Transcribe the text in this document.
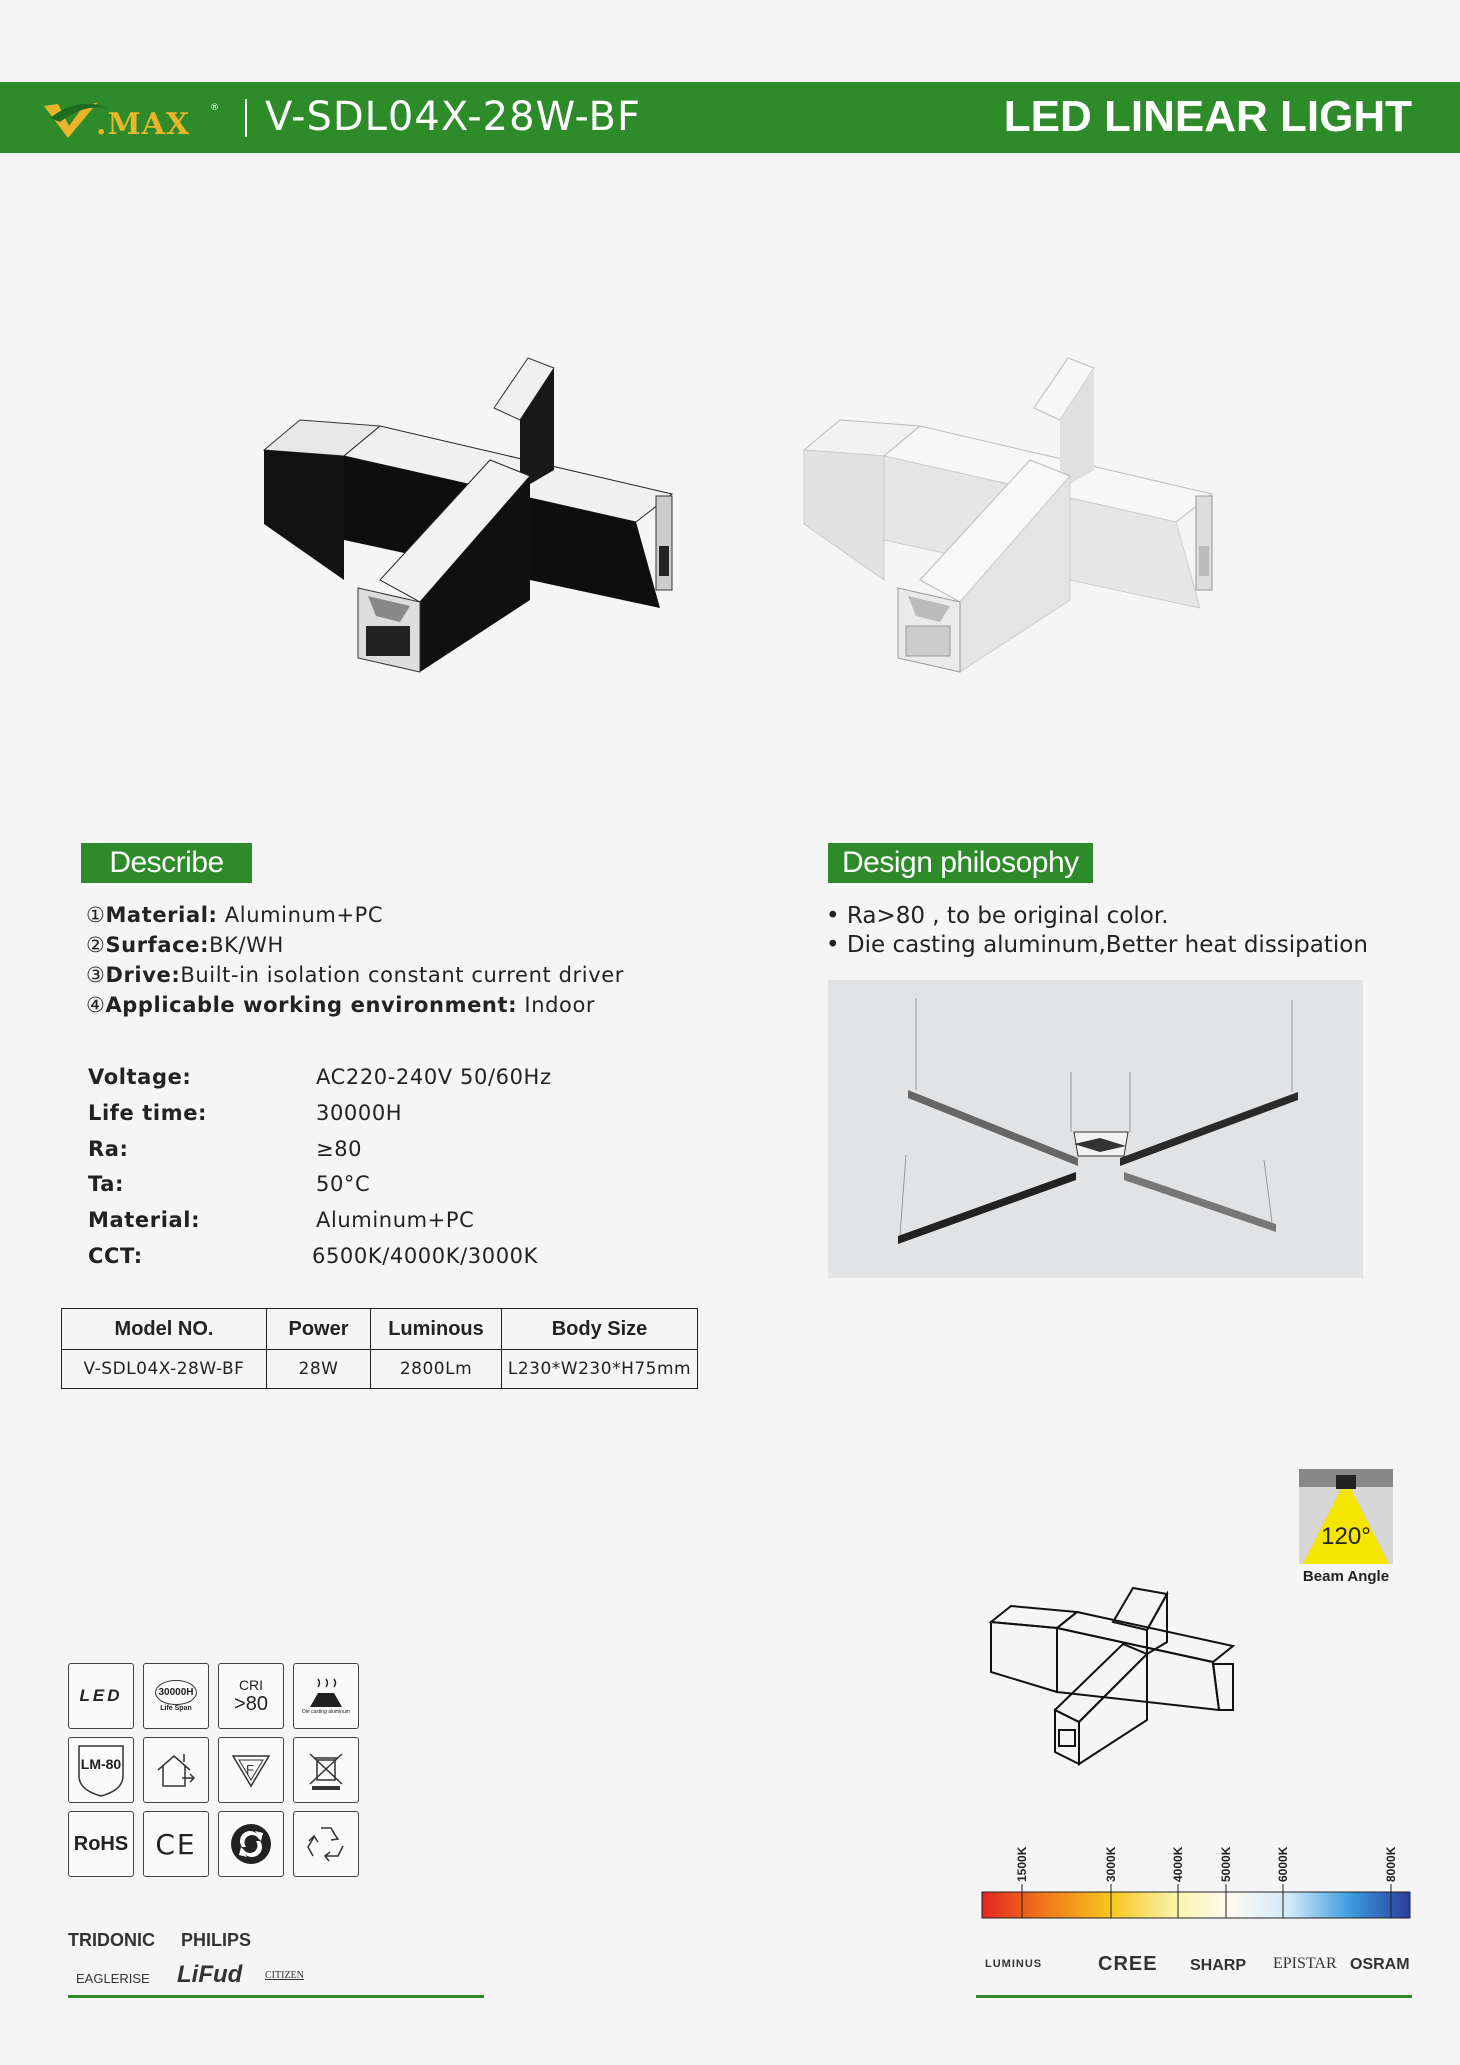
.MAX ® V-SDL04X-28W-BF	LED LINEAR LIGHT
Describe
①Material: Aluminum+PC
②Surface:BK/WH
③Drive:Built-in isolation constant current driver
④Applicable working environment: Indoor
Voltage:	AC220-240V 50/60Hz
Life time:	30000H
Ra:	≥80
Ta:	50°C
Material:	Aluminum+PC
CCT:	6500K/4000K/3000K
Model NO.	Power	Luminous	Body Size
V-SDL04X-28W-BF	28W	2800Lm	L230*W230*H75mm
Design philosophy
• Ra>80 , to be original color.
• Die casting aluminum,Better heat dissipation
120°
Beam Angle
LED	30000H
Life Span
CRI
>80	Die casting aluminum
LM-80	F
RoHS CE
TRIDONIC PHILIPS
EAGLERISE LiFud CITIZEN
1500K	3000K	4000K	5000K	6000K	8000K
LUMINUS	CREE SHARP EPISTAR OSRAM
